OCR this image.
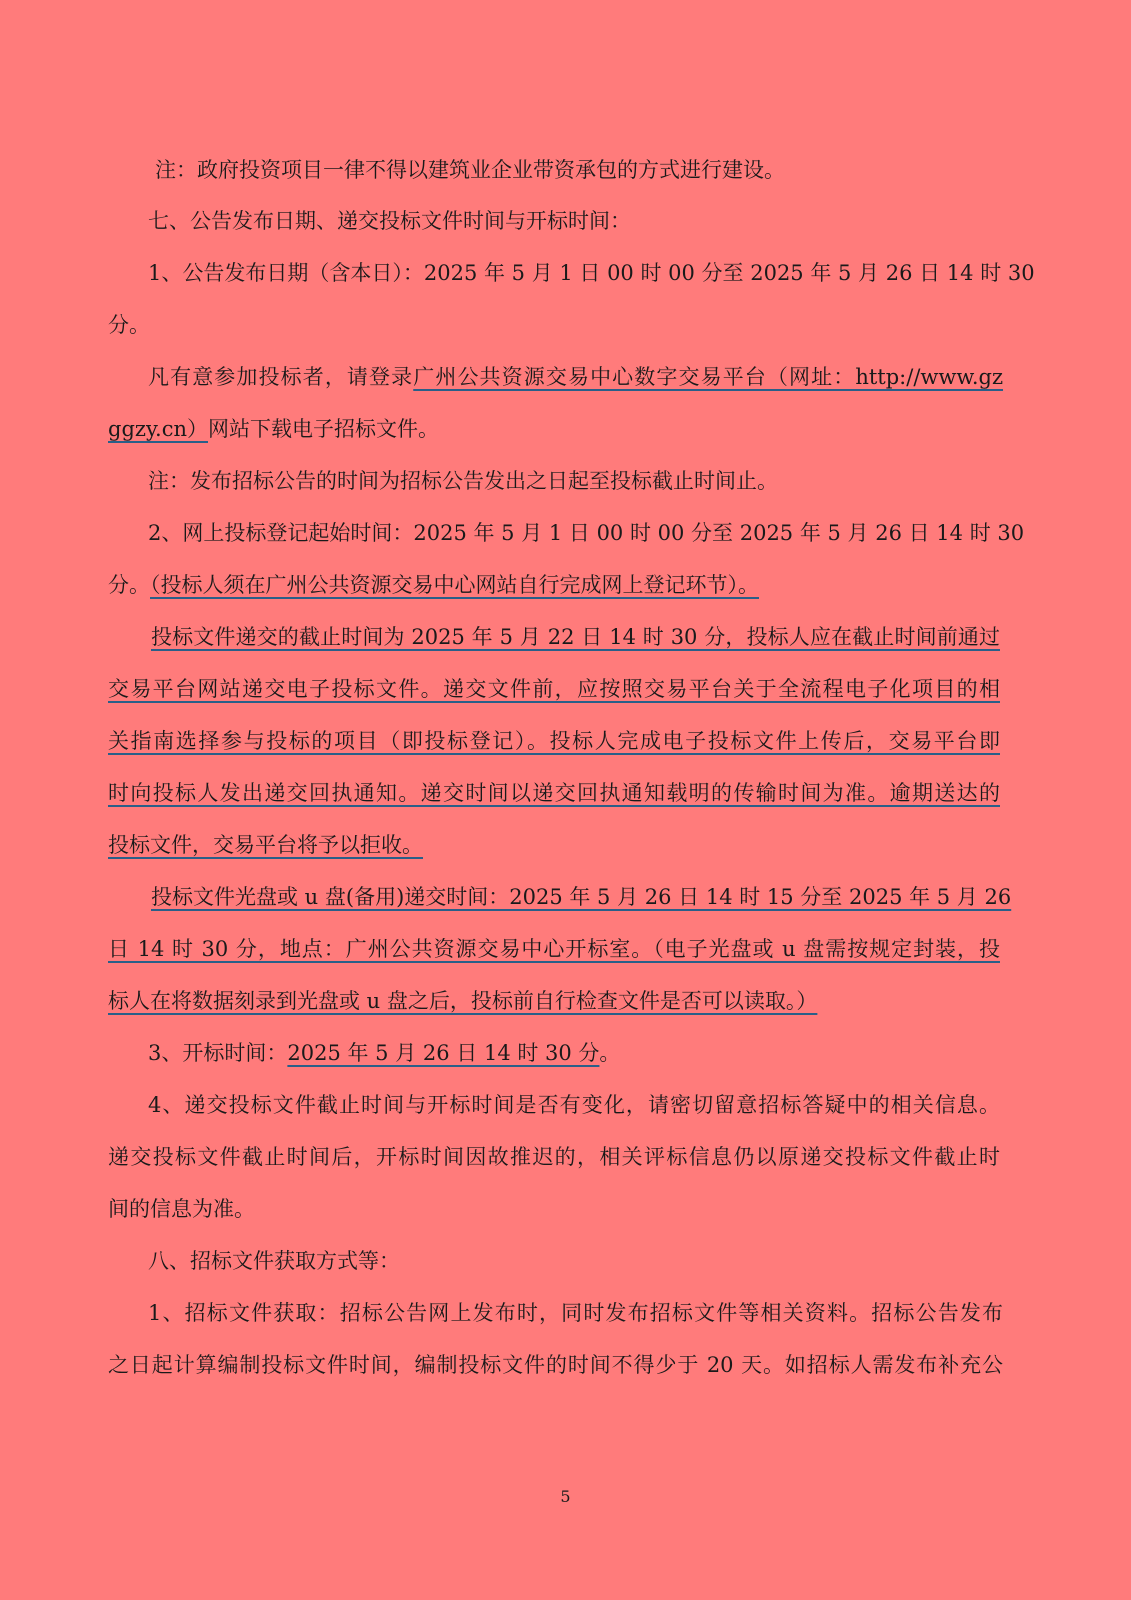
注：政府投资项目一律不得以建筑业企业带资承包的方式进行建设。
七、公告发布日期、递交投标文件时间与开标时间：
1、公告发布日期（含本日）：2025 年 5 月 1 日 00 时 00 分至 2025 年 5 月 26 日 14 时 30
分。
凡有意参加投标者，请登录广州公共资源交易中心数字交易平台（网址：http://www.gz
ggzy.cn）网站下载电子招标文件。
注：发布招标公告的时间为招标公告发出之日起至投标截止时间止。
2、网上投标登记起始时间：2025 年 5 月 1 日 00 时 00 分至 2025 年 5 月 26 日 14 时 30
分。（投标人须在广州公共资源交易中心网站自行完成网上登记环节）。
投标文件递交的截止时间为 2025 年 5 月 22 日 14 时 30 分，投标人应在截止时间前通过
交易平台网站递交电子投标文件。递交文件前，应按照交易平台关于全流程电子化项目的相
关指南选择参与投标的项目（即投标登记）。投标人完成电子投标文件上传后，交易平台即
时向投标人发出递交回执通知。递交时间以递交回执通知载明的传输时间为准。逾期送达的
投标文件，交易平台将予以拒收。
投标文件光盘或 u 盘(备用)递交时间：2025 年 5 月 26 日 14 时 15 分至 2025 年 5 月 26
日 14 时 30 分，地点：广州公共资源交易中心开标室。（电子光盘或 u 盘需按规定封装，投
标人在将数据刻录到光盘或 u 盘之后，投标前自行检查文件是否可以读取。）
3、开标时间：2025 年 5 月 26 日 14 时 30 分。
4、递交投标文件截止时间与开标时间是否有变化，请密切留意招标答疑中的相关信息。
递交投标文件截止时间后，开标时间因故推迟的，相关评标信息仍以原递交投标文件截止时
间的信息为准。
八、招标文件获取方式等：
1、招标文件获取：招标公告网上发布时，同时发布招标文件等相关资料。招标公告发布
之日起计算编制投标文件时间，编制投标文件的时间不得少于 20 天。如招标人需发布补充公
5
